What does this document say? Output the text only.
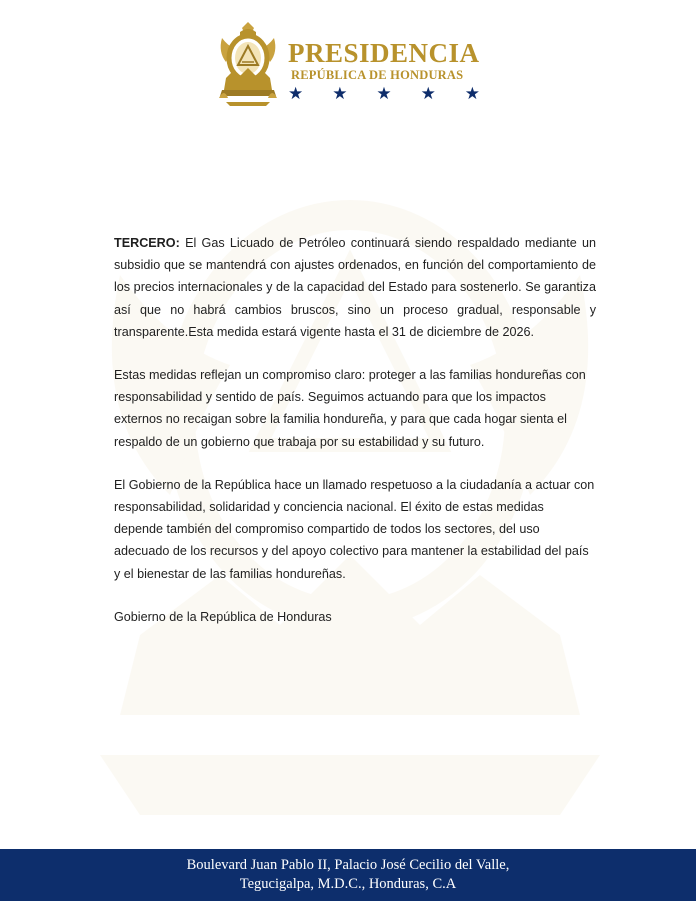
PRESIDENCIA
REPÚBLICA DE HONDURAS
★ ★ ★ ★ ★

TERCERO: El Gas Licuado de Petróleo continuará siendo respaldado mediante un subsidio que se mantendrá con ajustes ordenados, en función del comportamiento de los precios internacionales y de la capacidad del Estado para sostenerlo. Se garantiza así que no habrá cambios bruscos, sino un proceso gradual, responsable y transparente.Esta medida estará vigente hasta el 31 de diciembre de 2026.

Estas medidas reflejan un compromiso claro: proteger a las familias hondureñas con responsabilidad y sentido de país. Seguimos actuando para que los impactos externos no recaigan sobre la familia hondureña, y para que cada hogar sienta el respaldo de un gobierno que trabaja por su estabilidad y su futuro.

El Gobierno de la República hace un llamado respetuoso a la ciudadanía a actuar con responsabilidad, solidaridad y conciencia nacional. El éxito de estas medidas depende también del compromiso compartido de todos los sectores, del uso adecuado de los recursos y del apoyo colectivo para mantener la estabilidad del país y el bienestar de las familias hondureñas.

Gobierno de la República de Honduras

Boulevard Juan Pablo II, Palacio José Cecilio del Valle,
Tegucigalpa, M.D.C., Honduras, C.A
